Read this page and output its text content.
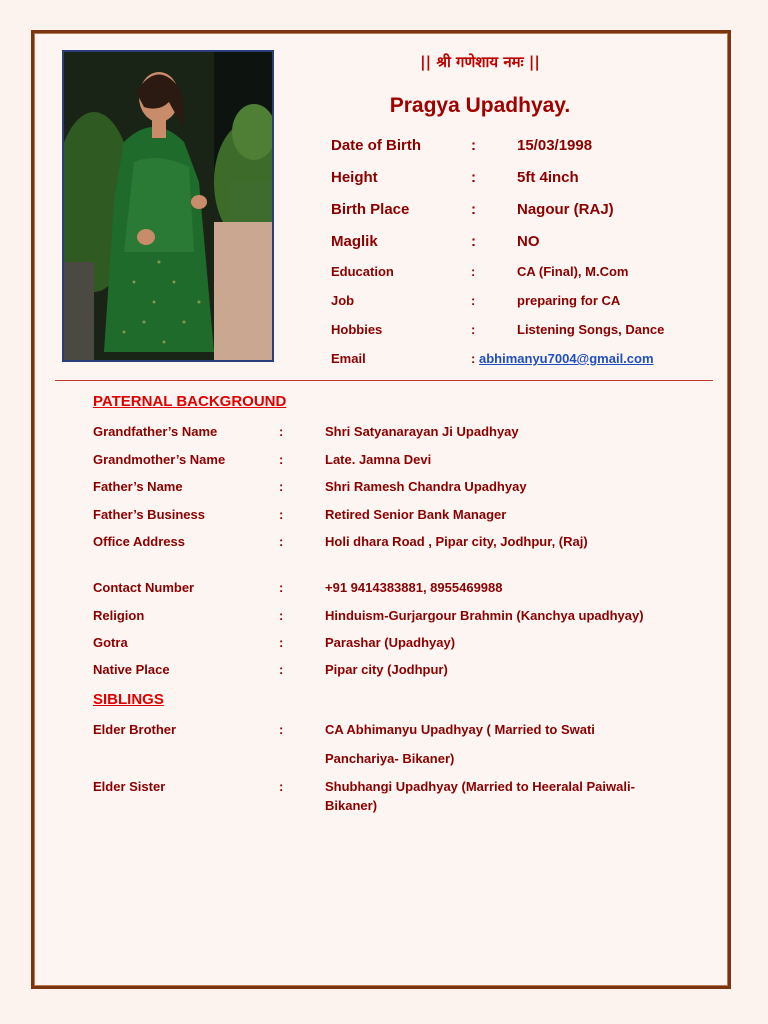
|| श्री गणेशाय नमः ||
Pragya Upadhyay.
Date of Birth	:	15/03/1998
Height	:	5ft 4inch
Birth Place	:	Nagour (RAJ)
Maglik	:	NO
Education	:	CA (Final), M.Com
Job	:	preparing for CA
Hobbies	:	Listening Songs, Dance
Email	: abhimanyu7004@gmail.com
PATERNAL BACKGROUND
Grandfather’s Name	:	Shri Satyanarayan Ji Upadhyay
Grandmother’s Name	:	Late. Jamna Devi
Father’s Name	:	Shri Ramesh Chandra Upadhyay
Father’s Business	:	Retired Senior Bank Manager
Office Address	:	Holi dhara Road , Pipar city, Jodhpur, (Raj)
Contact Number	:	+91 9414383881, 8955469988
Religion	:	Hinduism-Gurjargour Brahmin (Kanchya upadhyay)
Gotra	:	Parashar (Upadhyay)
Native Place	:	Pipar city (Jodhpur)
SIBLINGS
Elder Brother	:	CA Abhimanyu Upadhyay ( Married to Swati
Panchariya- Bikaner)
Elder Sister	:	Shubhangi Upadhyay (Married to Heeralal Paiwali-
Bikaner)
